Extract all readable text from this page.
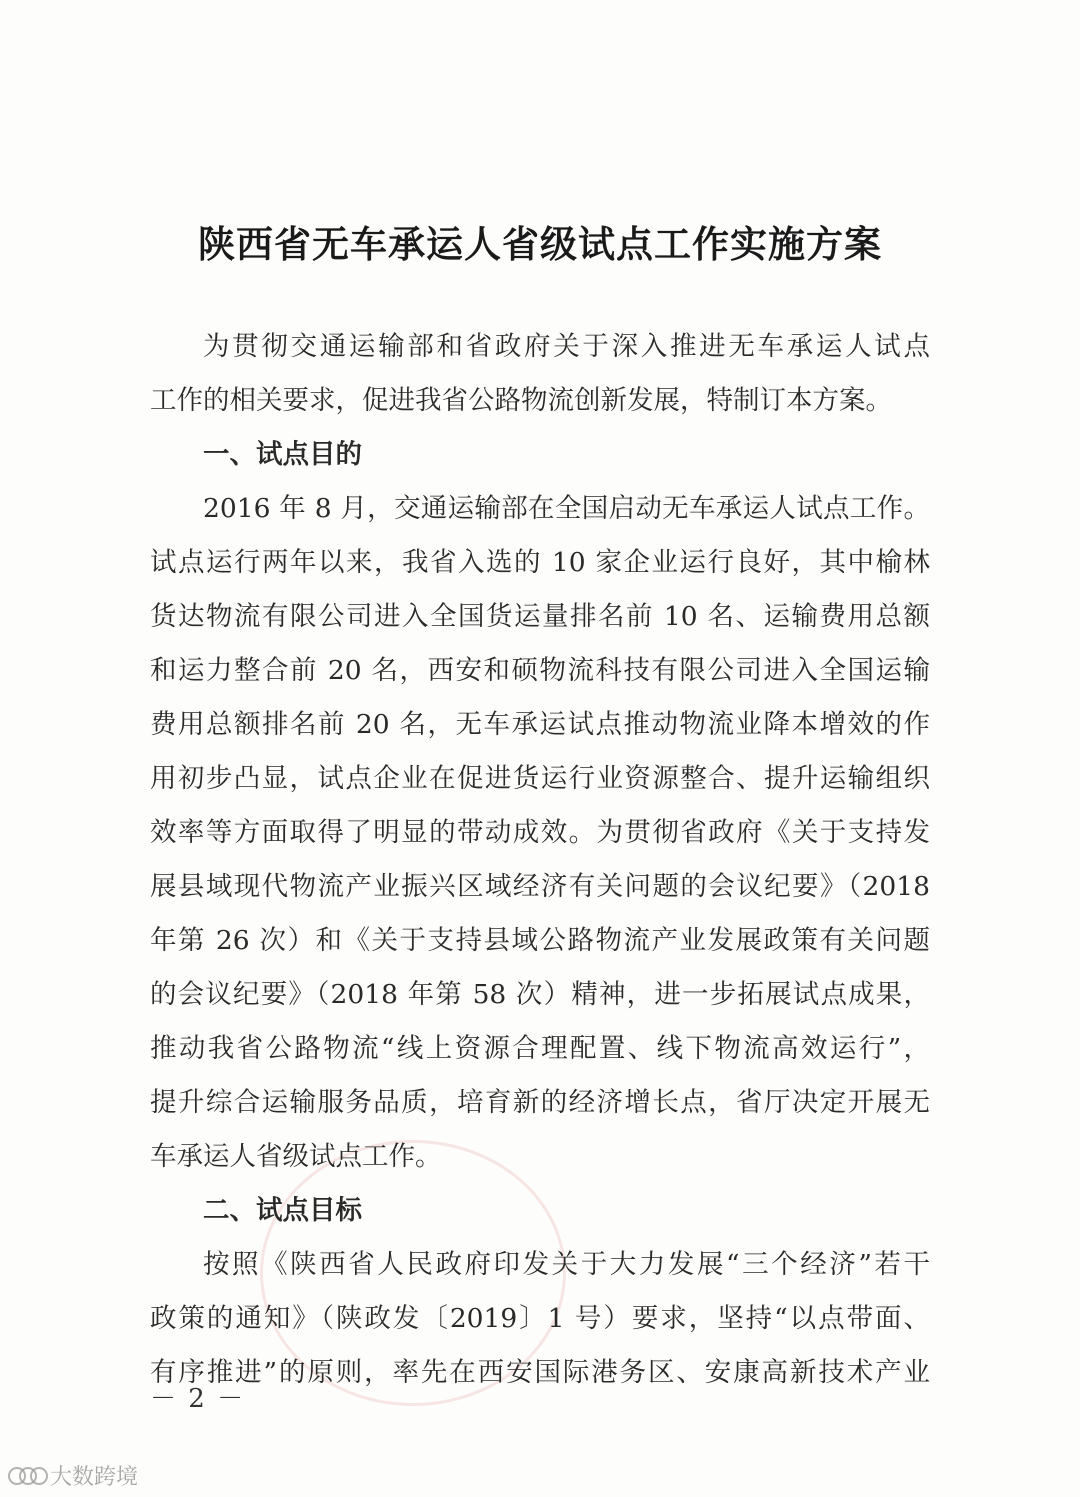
陕西省无车承运人省级试点工作实施方案
为贯彻交通运输部和省政府关于深入推进无车承运人试点
工作的相关要求，促进我省公路物流创新发展，特制订本方案。
一、试点目的
2016 年 8 月，交通运输部在全国启动无车承运人试点工作。
试点运行两年以来，我省入选的 10 家企业运行良好，其中榆林
货达物流有限公司进入全国货运量排名前 10 名、运输费用总额
和运力整合前 20 名，西安和硕物流科技有限公司进入全国运输
费用总额排名前 20 名，无车承运试点推动物流业降本增效的作
用初步凸显，试点企业在促进货运行业资源整合、提升运输组织
效率等方面取得了明显的带动成效。为贯彻省政府《关于支持发
展县域现代物流产业振兴区域经济有关问题的会议纪要》（2018
年第 26 次）和《关于支持县域公路物流产业发展政策有关问题
的会议纪要》（2018 年第 58 次）精神，进一步拓展试点成果，
推动我省公路物流“线上资源合理配置、线下物流高效运行”，
提升综合运输服务品质，培育新的经济增长点，省厅决定开展无
车承运人省级试点工作。
二、试点目标
按照《陕西省人民政府印发关于大力发展“三个经济”若干
政策的通知》（陕政发〔2019〕1 号）要求，坚持“以点带面、
有序推进”的原则，率先在西安国际港务区、安康高新技术产业
－ 2 －
大数跨境
